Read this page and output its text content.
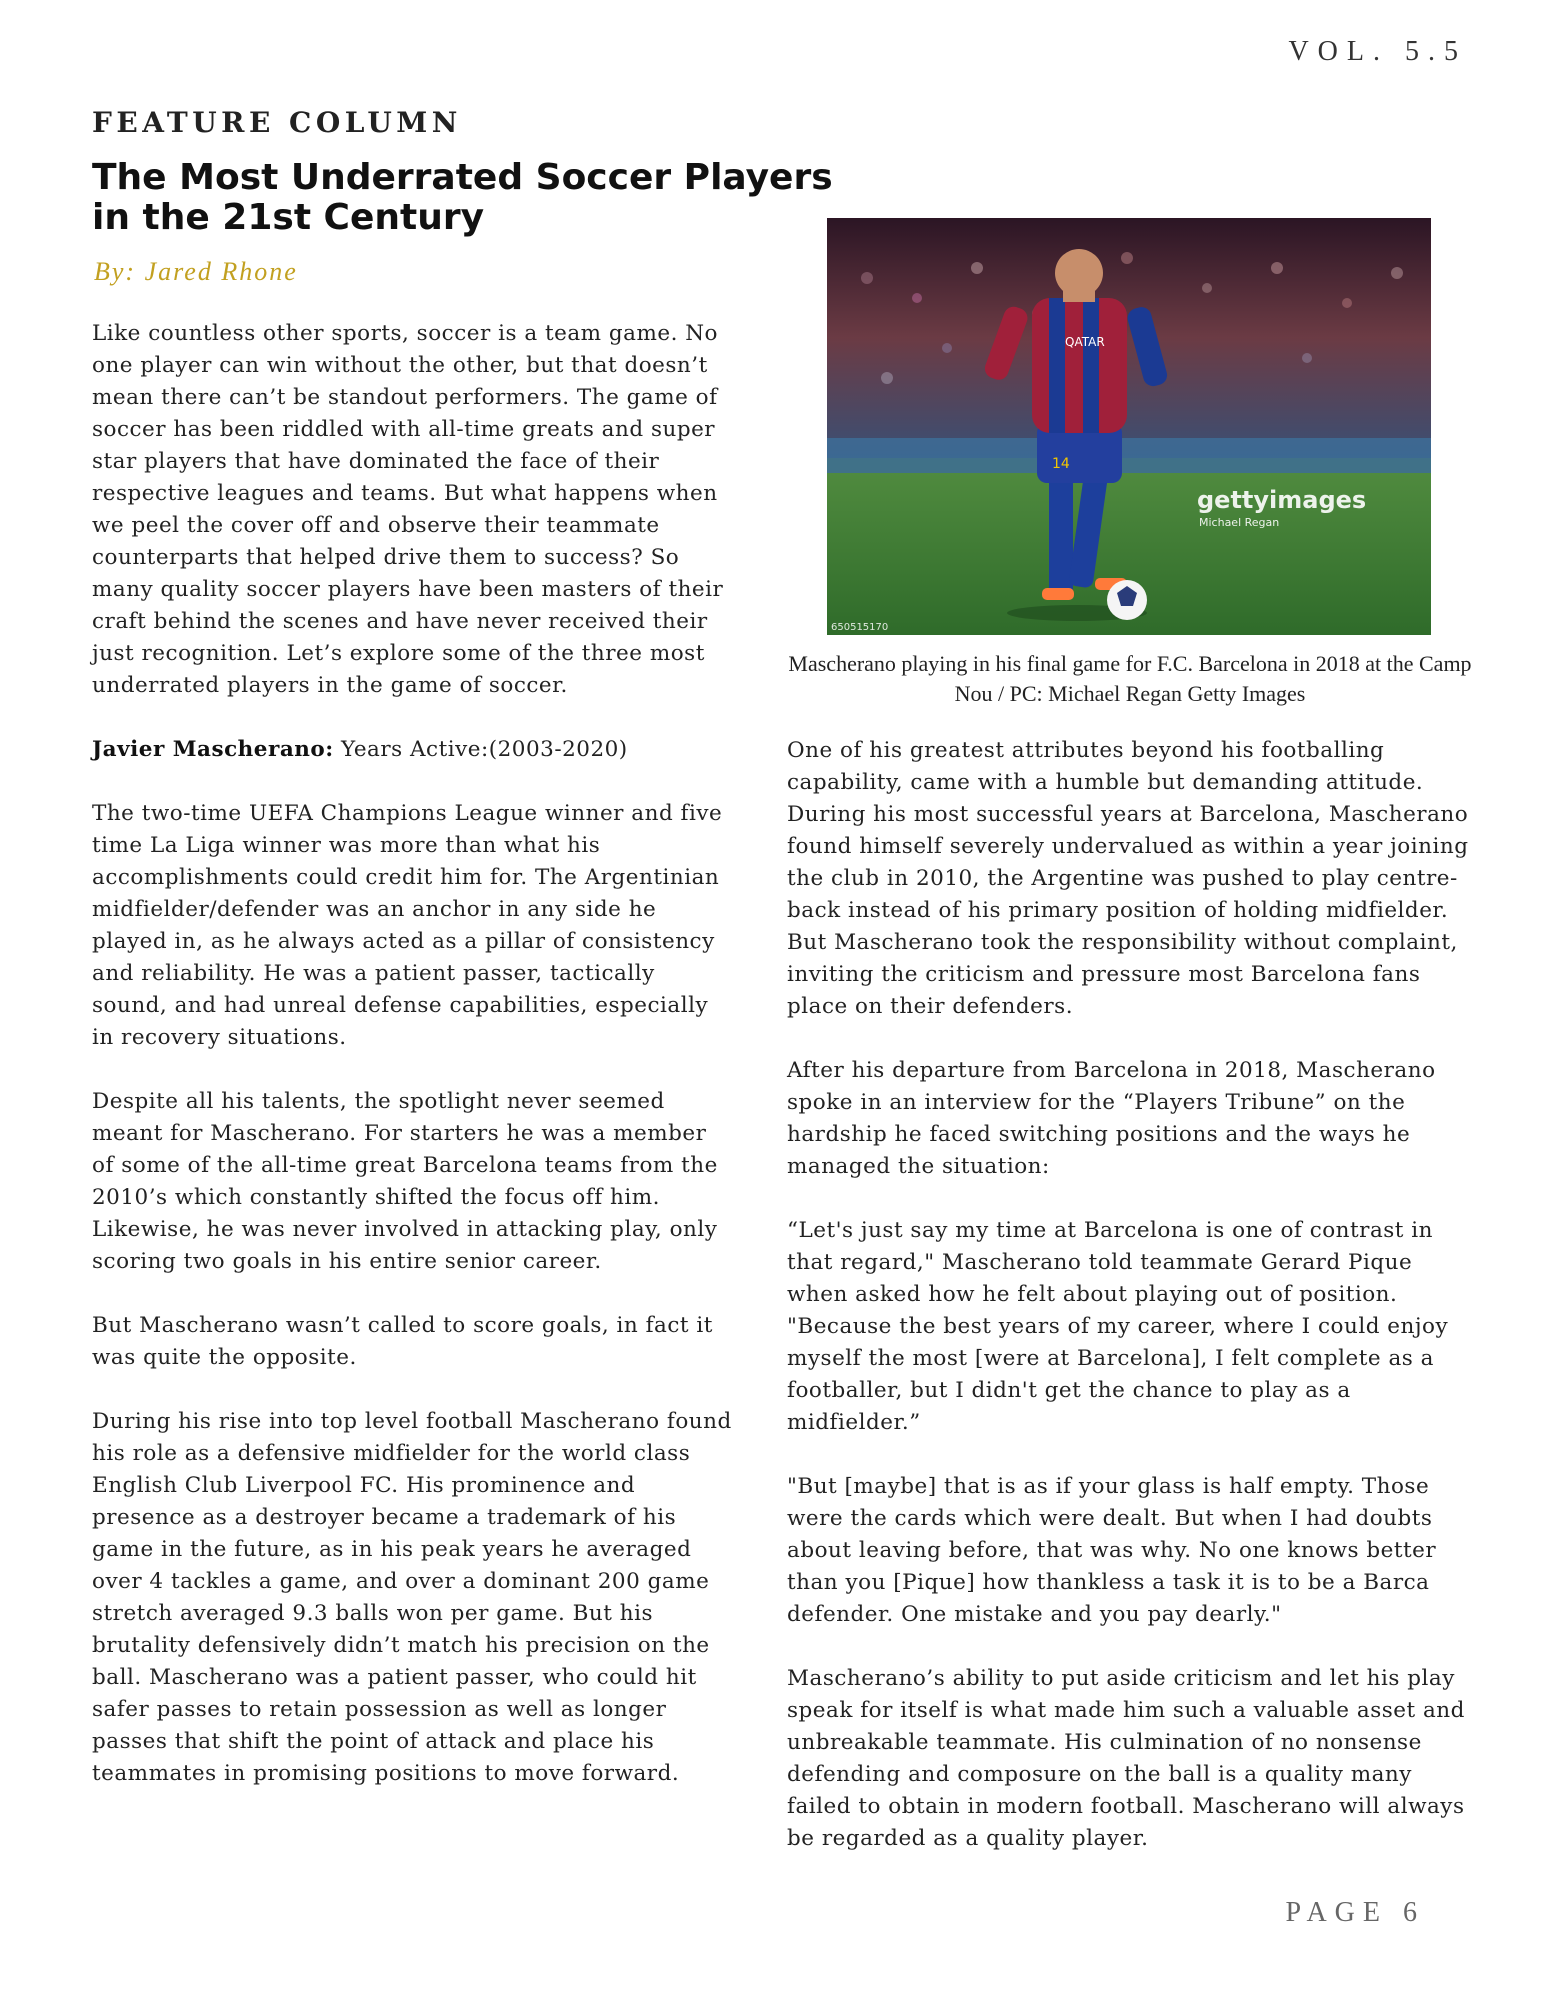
VOL. 5.5
FEATURE COLUMN
The Most Underrated Soccer Players in the 21st Century
By: Jared Rhone

Like countless other sports, soccer is a team game. No one player can win without the other, but that doesn’t mean there can’t be standout performers. The game of soccer has been riddled with all-time greats and super star players that have dominated the face of their respective leagues and teams. But what happens when we peel the cover off and observe their teammate counterparts that helped drive them to success? So many quality soccer players have been masters of their craft behind the scenes and have never received their just recognition. Let’s explore some of the three most underrated players in the game of soccer.

Javier Mascherano: Years Active:(2003-2020)

The two-time UEFA Champions League winner and five time La Liga winner was more than what his accomplishments could credit him for. The Argentinian midfielder/defender was an anchor in any side he played in, as he always acted as a pillar of consistency and reliability. He was a patient passer, tactically sound, and had unreal defense capabilities, especially in recovery situations.

Despite all his talents, the spotlight never seemed meant for Mascherano. For starters he was a member of some of the all-time great Barcelona teams from the 2010’s which constantly shifted the focus off him. Likewise, he was never involved in attacking play, only scoring two goals in his entire senior career.

But Mascherano wasn’t called to score goals, in fact it was quite the opposite.

During his rise into top level football Mascherano found his role as a defensive midfielder for the world class English Club Liverpool FC. His prominence and presence as a destroyer became a trademark of his game in the future, as in his peak years he averaged over 4 tackles a game, and over a dominant 200 game stretch averaged 9.3 balls won per game. But his brutality defensively didn’t match his precision on the ball. Mascherano was a patient passer, who could hit safer passes to retain possession as well as longer passes that shift the point of attack and place his teammates in promising positions to move forward.

QATAR
14
gettyimages
Michael Regan
650515170
Mascherano playing in his final game for F.C. Barcelona in 2018 at the Camp Nou / PC: Michael Regan Getty Images

One of his greatest attributes beyond his footballing capability, came with a humble but demanding attitude. During his most successful years at Barcelona, Mascherano found himself severely undervalued as within a year joining the club in 2010, the Argentine was pushed to play centre-back instead of his primary position of holding midfielder. But Mascherano took the responsibility without complaint, inviting the criticism and pressure most Barcelona fans place on their defenders.

After his departure from Barcelona in 2018, Mascherano spoke in an interview for the “Players Tribune” on the hardship he faced switching positions and the ways he managed the situation:

“Let's just say my time at Barcelona is one of contrast in that regard," Mascherano told teammate Gerard Pique when asked how he felt about playing out of position. "Because the best years of my career, where I could enjoy myself the most [were at Barcelona], I felt complete as a footballer, but I didn't get the chance to play as a midfielder.”

"But [maybe] that is as if your glass is half empty. Those were the cards which were dealt. But when I had doubts about leaving before, that was why. No one knows better than you [Pique] how thankless a task it is to be a Barca defender. One mistake and you pay dearly."

Mascherano’s ability to put aside criticism and let his play speak for itself is what made him such a valuable asset and unbreakable teammate. His culmination of no nonsense defending and composure on the ball is a quality many failed to obtain in modern football. Mascherano will always be regarded as a quality player.

PAGE 6
